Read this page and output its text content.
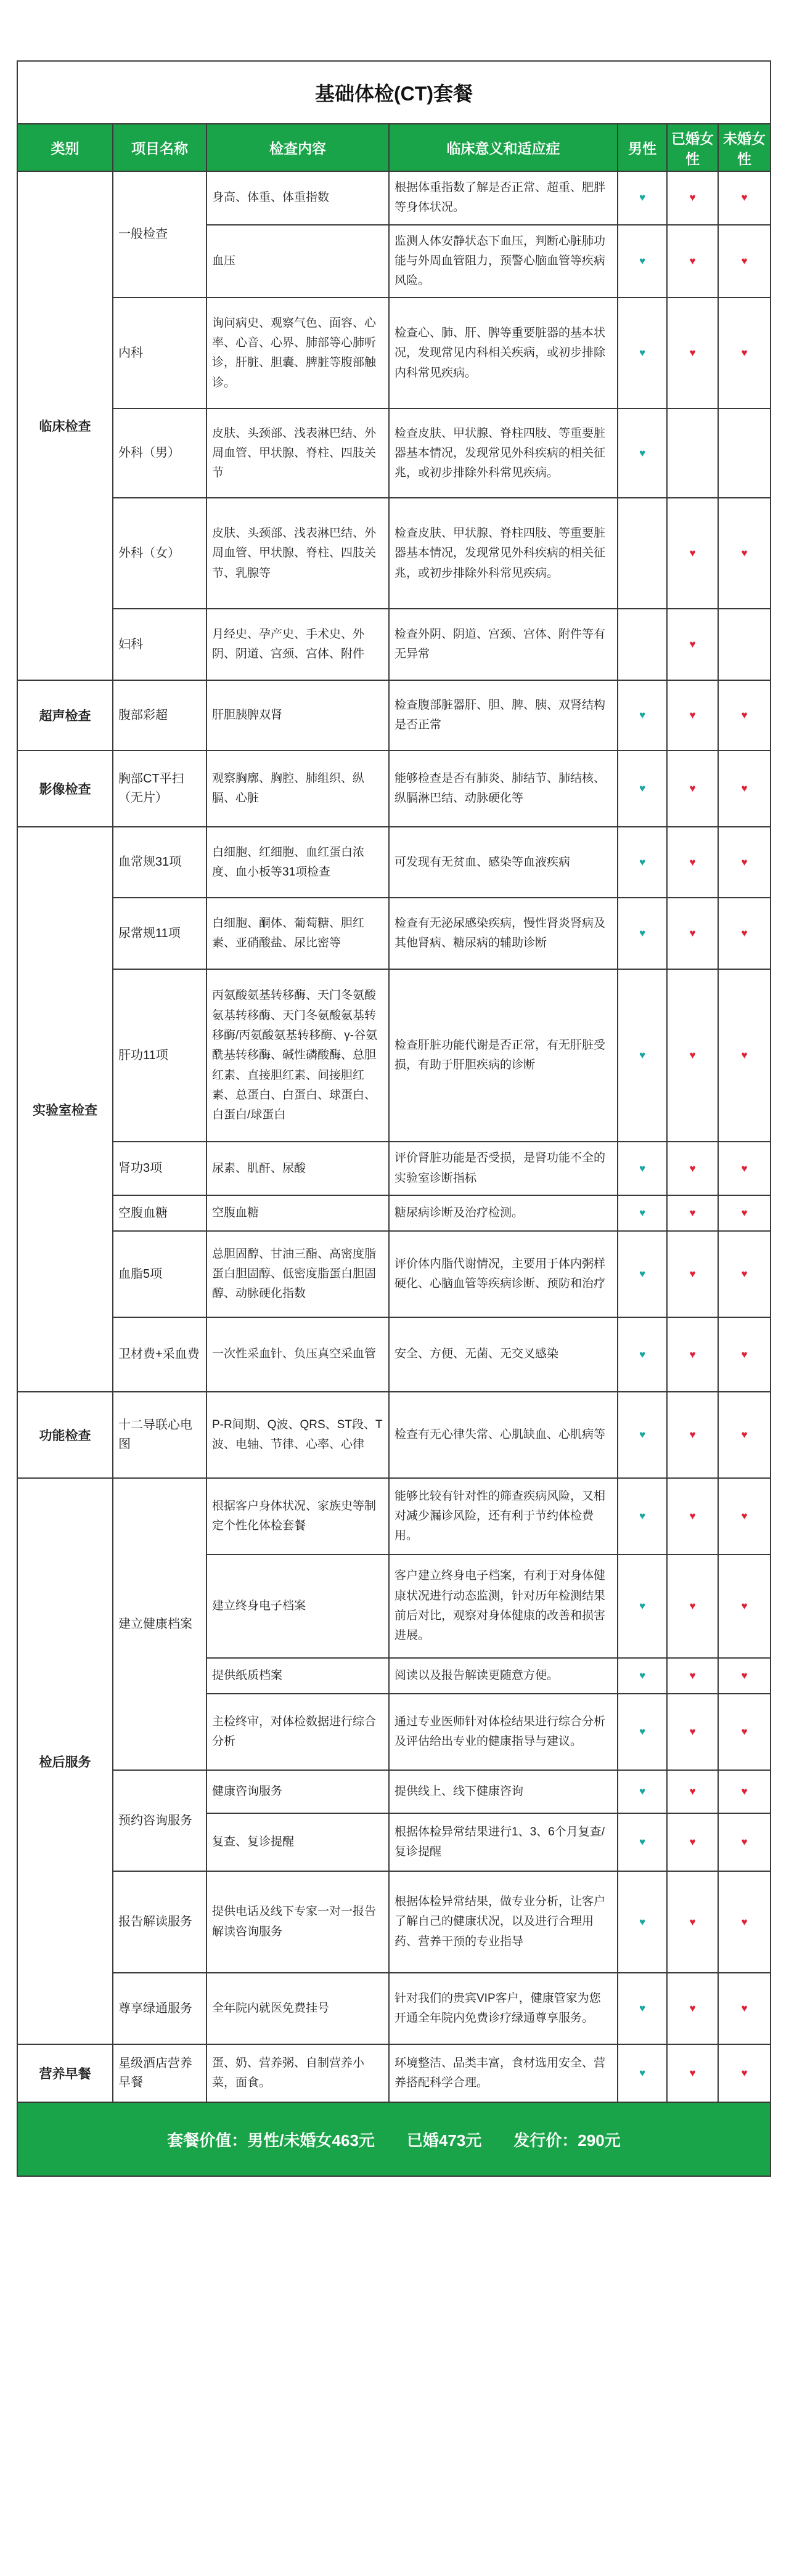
基础体检(CT)套餐						
类别	项目名称	检查内容	临床意义和适应症	男性	已婚女性	未婚女性
临床检查	一般检查	身高、体重、体重指数	根据体重指数了解是否正常、超重、肥胖等身体状况。	♥	♥	♥
		血压	监测人体安静状态下血压，判断心脏肺功能与外周血管阻力，预警心脑血管等疾病风险。	♥	♥	♥
	内科	询问病史、观察气色、面容、心率、心音、心界、肺部等心肺听诊，肝脏、胆囊、脾脏等腹部触诊。	检查心、肺、肝、脾等重要脏器的基本状况，发现常见内科相关疾病，或初步排除内科常见疾病。	♥	♥	♥
	外科（男）	皮肤、头颈部、浅表淋巴结、外周血管、甲状腺、脊柱、四肢关节	检查皮肤、甲状腺、脊柱四肢、等重要脏器基本情况，发现常见外科疾病的相关征兆，或初步排除外科常见疾病。	♥		
	外科（女）	皮肤、头颈部、浅表淋巴结、外周血管、甲状腺、脊柱、四肢关节、乳腺等	检查皮肤、甲状腺、脊柱四肢、等重要脏器基本情况，发现常见外科疾病的相关征兆，或初步排除外科常见疾病。		♥	♥
	妇科	月经史、孕产史、手术史、外阴、阴道、宫颈、宫体、附件	检查外阴、阴道、宫颈、宫体、附件等有无异常		♥	
超声检查	腹部彩超	肝胆胰脾双肾	检查腹部脏器肝、胆、脾、胰、双肾结构是否正常	♥	♥	♥
影像检查	胸部CT平扫（无片）	观察胸廓、胸腔、肺组织、纵膈、心脏	能够检查是否有肺炎、肺结节、肺结核、纵膈淋巴结、动脉硬化等	♥	♥	♥
实验室检查	血常规31项	白细胞、红细胞、血红蛋白浓度、血小板等31项检查	可发现有无贫血、感染等血液疾病	♥	♥	♥
	尿常规11项	白细胞、酮体、葡萄糖、胆红素、亚硝酸盐、尿比密等	检查有无泌尿感染疾病，慢性肾炎肾病及其他肾病、糖尿病的辅助诊断	♥	♥	♥
	肝功11项	丙氨酸氨基转移酶、天门冬氨酸氨基转移酶、天门冬氨酸氨基转移酶/丙氨酸氨基转移酶、γ-谷氨酰基转移酶、碱性磷酸酶、总胆红素、直接胆红素、间接胆红素、总蛋白、白蛋白、球蛋白、白蛋白/球蛋白	检查肝脏功能代谢是否正常，有无肝脏受损，有助于肝胆疾病的诊断	♥	♥	♥
	肾功3项	尿素、肌酐、尿酸	评价肾脏功能是否受损，是肾功能不全的实验室诊断指标	♥	♥	♥
	空腹血糖	空腹血糖	糖尿病诊断及治疗检测。	♥	♥	♥
	血脂5项	总胆固醇、甘油三酯、高密度脂蛋白胆固醇、低密度脂蛋白胆固醇、动脉硬化指数	评价体内脂代谢情况，主要用于体内粥样硬化、心脑血管等疾病诊断、预防和治疗	♥	♥	♥
	卫材费+采血费	一次性采血针、负压真空采血管	安全、方便、无菌、无交叉感染	♥	♥	♥
功能检查	十二导联心电图	P-R间期、Q波、QRS、ST段、T波、电轴、节律、心率、心律	检查有无心律失常、心肌缺血、心肌病等	♥	♥	♥
检后服务	建立健康档案	根据客户身体状况、家族史等制定个性化体检套餐	能够比较有针对性的筛查疾病风险，又相对减少漏诊风险，还有利于节约体检费用。	♥	♥	♥
		建立终身电子档案	客户建立终身电子档案，有利于对身体健康状况进行动态监测，针对历年检测结果前后对比，观察对身体健康的改善和损害进展。	♥	♥	♥
		提供纸质档案	阅读以及报告解读更随意方便。	♥	♥	♥
		主检终审，对体检数据进行综合分析	通过专业医师针对体检结果进行综合分析及评估给出专业的健康指导与建议。	♥	♥	♥
	预约咨询服务	健康咨询服务	提供线上、线下健康咨询	♥	♥	♥
		复查、复诊提醒	根据体检异常结果进行1、3、6个月复查/复诊提醒	♥	♥	♥
	报告解读服务	提供电话及线下专家一对一报告解读咨询服务	根据体检异常结果，做专业分析，让客户了解自己的健康状况，以及进行合理用药、营养干预的专业指导	♥	♥	♥
	尊享绿通服务	全年院内就医免费挂号	针对我们的贵宾VIP客户，健康管家为您开通全年院内免费诊疗绿通尊享服务。	♥	♥	♥
营养早餐	星级酒店营养早餐	蛋、奶、营养粥、自制营养小菜，面食。	环境整洁、品类丰富，食材选用安全、营养搭配科学合理。	♥	♥	♥
套餐价值：男性/未婚女463元 已婚473元 发行价：290元						
